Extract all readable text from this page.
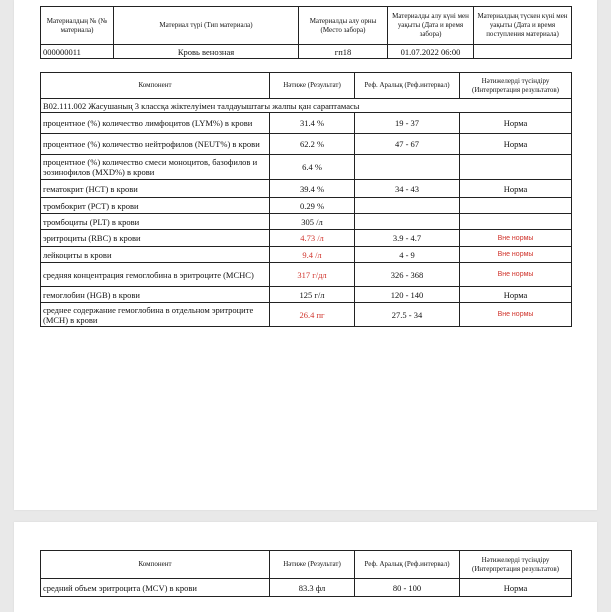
Материалдың № (№ материала)	Материал түрі (Тип материала)	Материалды алу орны (Место забора)	Материалды алу күні мен уақыты (Дата и время забора)	Материалдың түскен күні мен уақыты (Дата и время поступления материала)
000000011	Кровь венозная	гп18	01.07.2022 06:00	
Компонент	Нәтиже (Результат)	Реф. Аралық (Реф.интервал)	Нәтижелерді түсіндіру (Интерпретация результатов)
В02.111.002 Жасушаның 3 классқа жіктелуімен талдауыштағы жалпы қан сараптамасы			
процентное (%) количество лимфоцитов (LYM%) в крови	31.4 %	19 - 37	Норма
процентное (%) количество нейтрофилов (NEUT%) в крови	62.2 %	47 - 67	Норма
процентное (%) количество смеси моноцитов, базофилов и эозинофилов (MXD%) в крови	6.4 %		
гематокрит (HCT) в крови	39.4 %	34 - 43	Норма
тромбокрит (PCT) в крови	0.29 %		
тромбоциты (PLT) в крови	305 /л		
эритроциты (RBC) в крови	4.73 /л	3.9 - 4.7	Вне нормы
лейкоциты в крови	9.4 /л	4 - 9	Вне нормы
средняя концентрация гемоглобина в эритроците (MCHC)	317 г/дл	326 - 368	Вне нормы
гемоглобин (HGB) в крови	125 г/л	120 - 140	Норма
среднее содержание гемоглобина в отдельном эритроците (MCH) в крови	26.4 пг	27.5 - 34	Вне нормы
Компонент	Нәтиже (Результат)	Реф. Аралық (Реф.интервал)	Нәтижелерді түсіндіру (Интерпретация результатов)
средний объем эритроцита (MCV) в крови	83.3 фл	80 - 100	Норма
